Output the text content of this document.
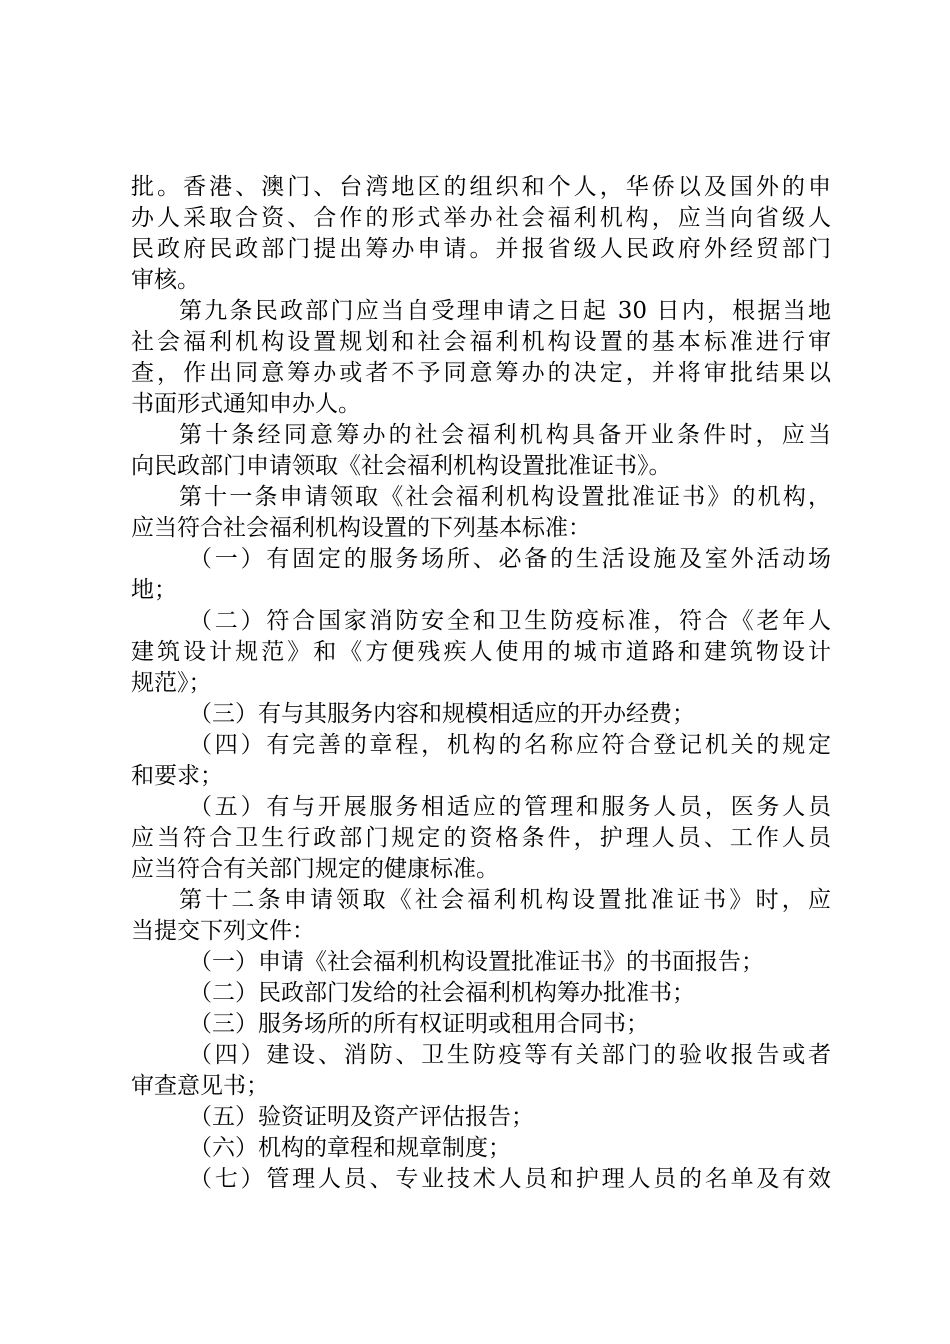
批。香港、澳门、台湾地区的组织和个人，华侨以及国外的申
办人采取合资、合作的形式举办社会福利机构，应当向省级人
民政府民政部门提出筹办申请。并报省级人民政府外经贸部门
审核。
第九条民政部门应当自受理申请之日起 30 日内，根据当地
社会福利机构设置规划和社会福利机构设置的基本标准进行审
查，作出同意筹办或者不予同意筹办的决定，并将审批结果以
书面形式通知申办人。
第十条经同意筹办的社会福利机构具备开业条件时，应当
向民政部门申请领取《社会福利机构设置批准证书》。
第十一条申请领取《社会福利机构设置批准证书》的机构，
应当符合社会福利机构设置的下列基本标准：
（一）有固定的服务场所、必备的生活设施及室外活动场
地；
（二）符合国家消防安全和卫生防疫标准，符合《老年人
建筑设计规范》和《方便残疾人使用的城市道路和建筑物设计
规范》；
（三）有与其服务内容和规模相适应的开办经费；
（四）有完善的章程，机构的名称应符合登记机关的规定
和要求；
（五）有与开展服务相适应的管理和服务人员，医务人员
应当符合卫生行政部门规定的资格条件，护理人员、工作人员
应当符合有关部门规定的健康标准。
第十二条申请领取《社会福利机构设置批准证书》时，应
当提交下列文件：
（一）申请《社会福利机构设置批准证书》的书面报告；
（二）民政部门发给的社会福利机构筹办批准书；
（三）服务场所的所有权证明或租用合同书；
（四）建设、消防、卫生防疫等有关部门的验收报告或者
审查意见书；
（五）验资证明及资产评估报告；
（六）机构的章程和规章制度；
（七）管理人员、专业技术人员和护理人员的名单及有效
